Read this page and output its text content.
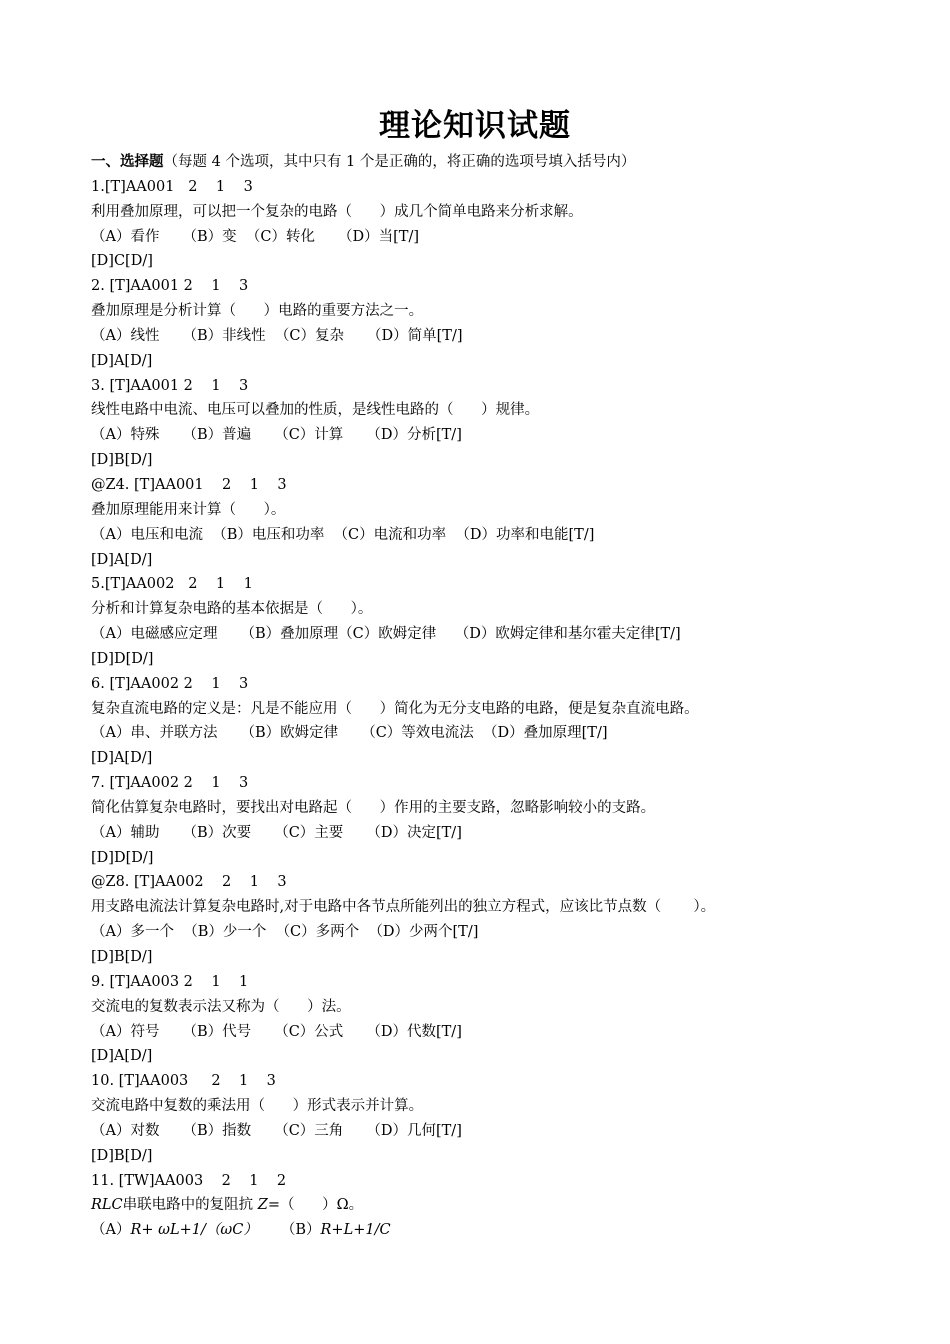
理论知识试题
一、选择题（每题 4 个选项，其中只有 1 个是正确的，将正确的选项号填入括号内）
1.[T]AA001   2    1    3
利用叠加原理，可以把一个复杂的电路（      ）成几个简单电路来分析求解。
（A）看作     （B）变  （C）转化     （D）当[T/]
[D]C[D/]
2. [T]AA001 2    1    3
叠加原理是分析计算（      ）电路的重要方法之一。
（A）线性     （B）非线性  （C）复杂     （D）简单[T/]
[D]A[D/]
3. [T]AA001 2    1    3
线性电路中电流、电压可以叠加的性质，是线性电路的（      ）规律。
（A）特殊     （B）普遍     （C）计算     （D）分析[T/]
[D]B[D/]
@Z4. [T]AA001    2    1    3
叠加原理能用来计算（      ）。
（A）电压和电流  （B）电压和功率  （C）电流和功率  （D）功率和电能[T/]
[D]A[D/]
5.[T]AA002   2    1    1
分析和计算复杂电路的基本依据是（      ）。
（A）电磁感应定理     （B）叠加原理（C）欧姆定律    （D）欧姆定律和基尔霍夫定律[T/]
[D]D[D/]
6. [T]AA002 2    1    3
复杂直流电路的定义是：凡是不能应用（      ）简化为无分支电路的电路，便是复杂直流电路。
（A）串、并联方法     （B）欧姆定律     （C）等效电流法  （D）叠加原理[T/]
[D]A[D/]
7. [T]AA002 2    1    3
简化估算复杂电路时，要找出对电路起（      ）作用的主要支路，忽略影响较小的支路。
（A）辅助     （B）次要     （C）主要     （D）决定[T/]
[D]D[D/]
@Z8. [T]AA002    2    1    3
用支路电流法计算复杂电路时,对于电路中各节点所能列出的独立方程式，应该比节点数（       ）。
（A）多一个  （B）少一个  （C）多两个  （D）少两个[T/]
[D]B[D/]
9. [T]AA003 2    1    1
交流电的复数表示法又称为（      ）法。
（A）符号     （B）代号     （C）公式     （D）代数[T/]
[D]A[D/]
10. [T]AA003     2    1    3
交流电路中复数的乘法用（      ）形式表示并计算。
（A）对数     （B）指数     （C）三角     （D）几何[T/]
[D]B[D/]
11. [TW]AA003    2    1    2
RLC串联电路中的复阻抗 Z=（      ）Ω。
（A）R+ ωL+1/（ωC）     （B）R+L+1/C
